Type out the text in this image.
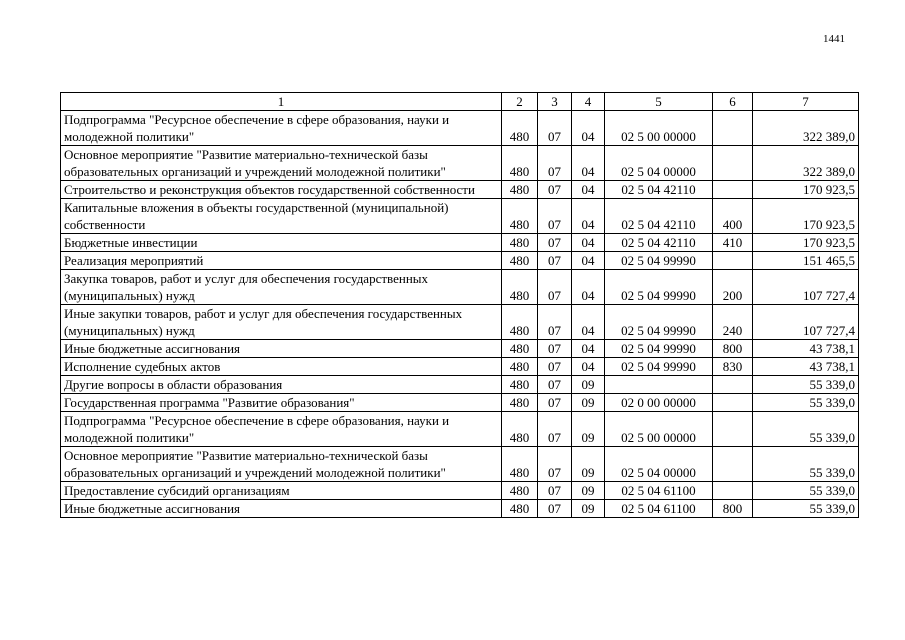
1441
1	2	3	4	5	6	7
Подпрограмма "Ресурсное обеспечение в сфере образования, науки и молодежной политики"	480	07	04	02 5 00 00000		322 389,0
Основное мероприятие "Развитие материально-технической базы образовательных организаций и учреждений молодежной политики"	480	07	04	02 5 04 00000		322 389,0
Строительство и реконструкция объектов государственной собственности	480	07	04	02 5 04 42110		170 923,5
Капитальные вложения в объекты государственной (муниципальной) собственности	480	07	04	02 5 04 42110	400	170 923,5
Бюджетные инвестиции	480	07	04	02 5 04 42110	410	170 923,5
Реализация мероприятий	480	07	04	02 5 04 99990		151 465,5
Закупка товаров, работ и услуг для обеспечения государственных (муниципальных) нужд	480	07	04	02 5 04 99990	200	107 727,4
Иные закупки товаров, работ и услуг для обеспечения государственных (муниципальных) нужд	480	07	04	02 5 04 99990	240	107 727,4
Иные бюджетные ассигнования	480	07	04	02 5 04 99990	800	43 738,1
Исполнение судебных актов	480	07	04	02 5 04 99990	830	43 738,1
Другие вопросы в области образования	480	07	09			55 339,0
Государственная программа "Развитие образования"	480	07	09	02 0 00 00000		55 339,0
Подпрограмма "Ресурсное обеспечение в сфере образования, науки и молодежной политики"	480	07	09	02 5 00 00000		55 339,0
Основное мероприятие "Развитие материально-технической базы образовательных организаций и учреждений молодежной политики"	480	07	09	02 5 04 00000		55 339,0
Предоставление субсидий организациям	480	07	09	02 5 04 61100		55 339,0
Иные бюджетные ассигнования	480	07	09	02 5 04 61100	800	55 339,0
